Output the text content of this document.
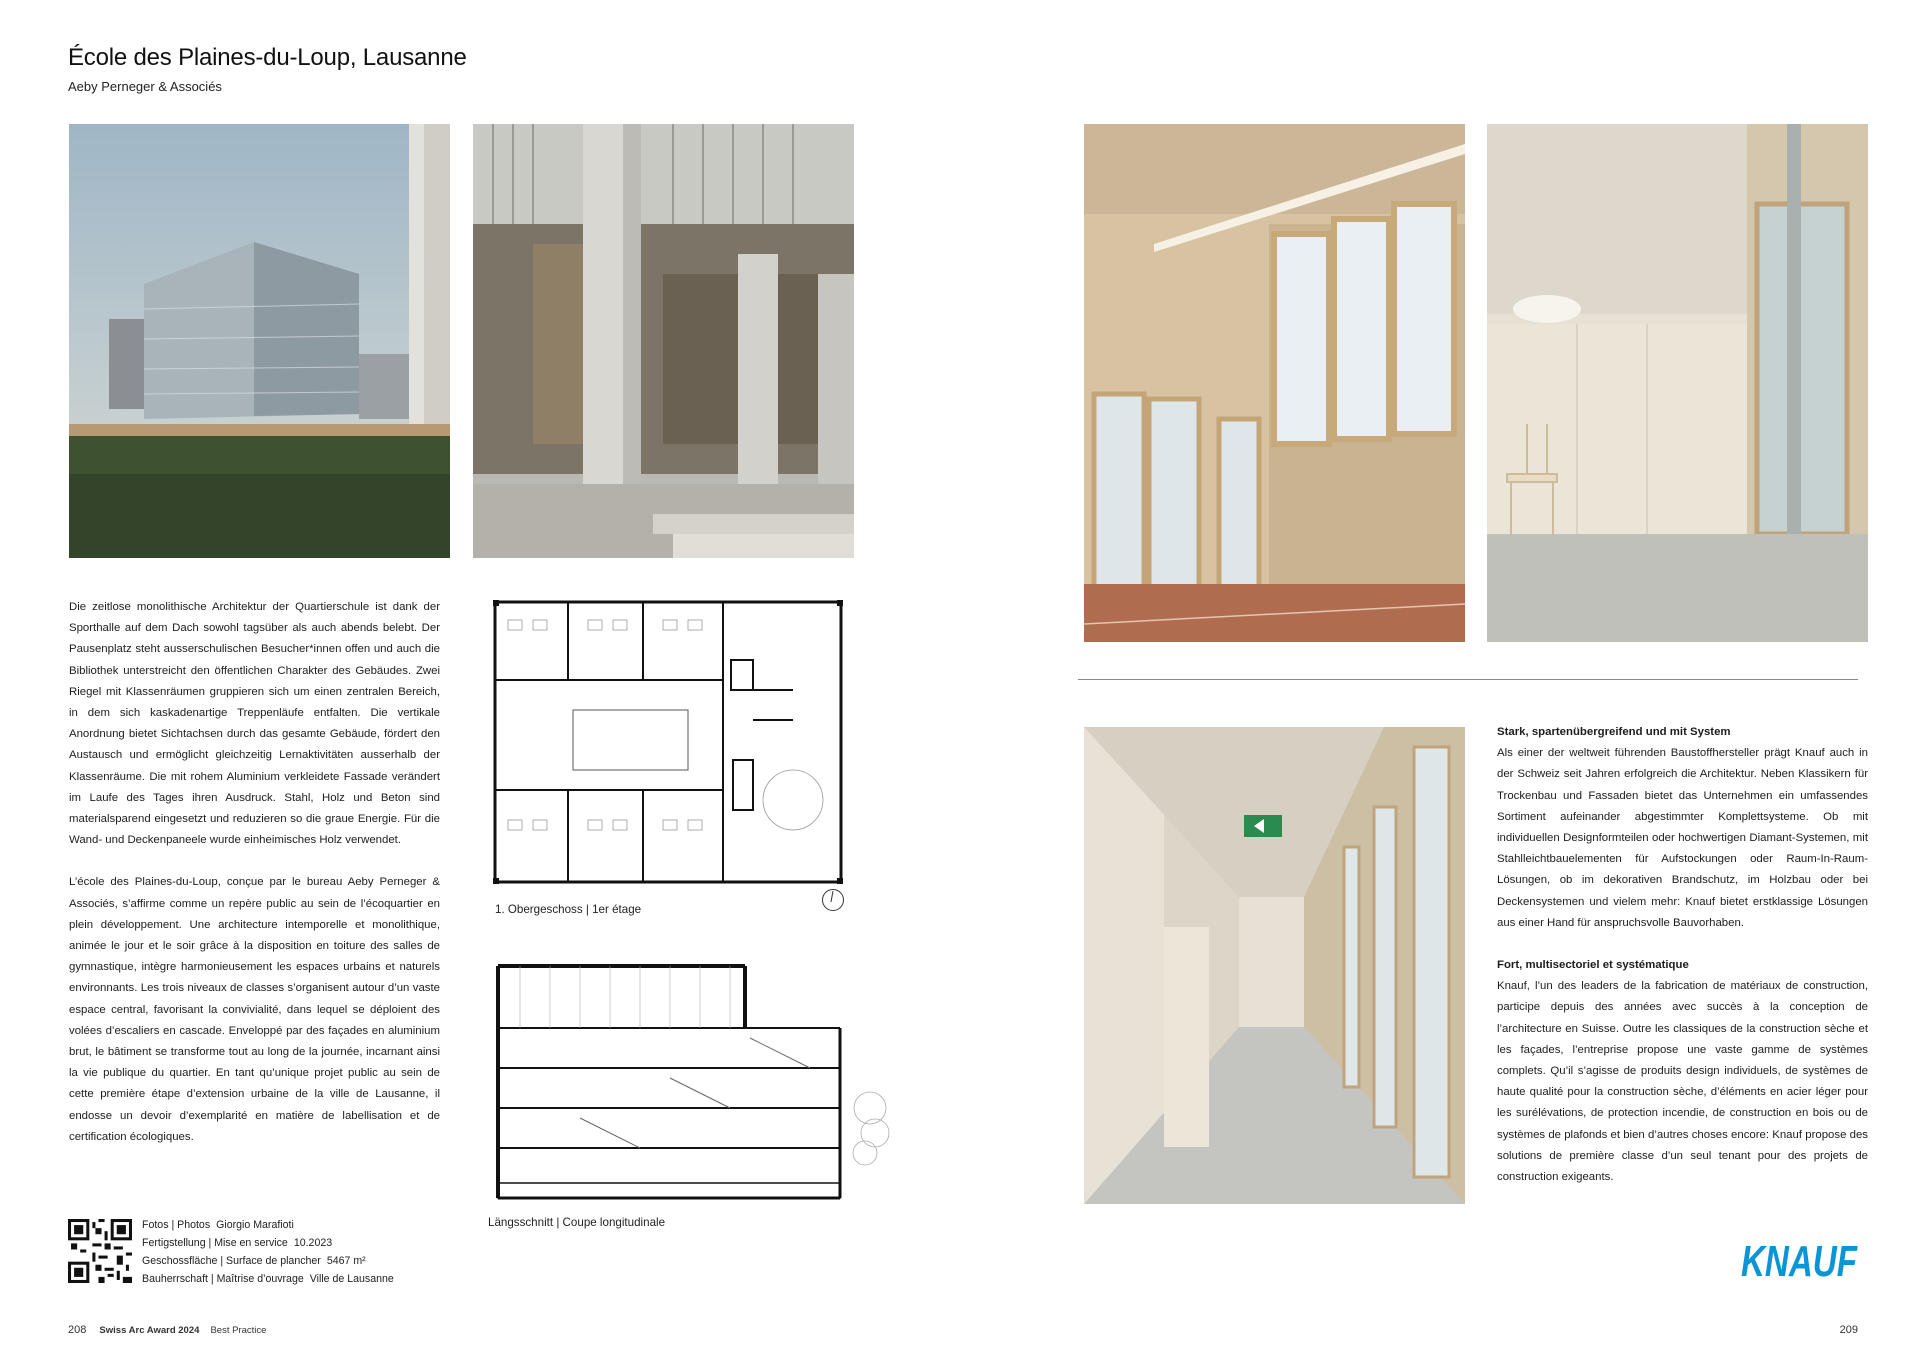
École des Plaines-du-Loup, Lausanne
Aeby Perneger & Associés

Die zeitlose monolithische Architektur der Quartierschule ist dank der Sporthalle auf dem Dach sowohl tagsüber als auch abends belebt. Der Pausenplatz steht ausserschulischen Besucher*innen offen und auch die Bibliothek unterstreicht den öffentlichen Charakter des Gebäudes. Zwei Riegel mit Klassenräumen gruppieren sich um einen zentralen Bereich, in dem sich kaskadenartige Treppenläufe entfalten. Die vertikale Anordnung bietet Sichtachsen durch das gesamte Gebäude, fördert den Austausch und ermöglicht gleichzeitig Lernaktivitäten ausserhalb der Klassenräume. Die mit rohem Aluminium verkleidete Fassade verändert im Laufe des Tages ihren Ausdruck. Stahl, Holz und Beton sind materialsparend eingesetzt und reduzieren so die graue Energie. Für die Wand- und Deckenpaneele wurde einheimisches Holz verwendet.

L’école des Plaines-du-Loup, conçue par le bureau Aeby Perneger & Associés, s’affirme comme un repère public au sein de l’écoquartier en plein développement. Une architecture intemporelle et monolithique, animée le jour et le soir grâce à la disposition en toiture des salles de gymnastique, intègre harmonieusement les espaces urbains et naturels environnants. Les trois niveaux de classes s’organisent autour d’un vaste espace central, favorisant la convivialité, dans lequel se déploient des volées d’escaliers en cascade. Enveloppé par des façades en aluminium brut, le bâtiment se transforme tout au long de la journée, incarnant ainsi la vie publique du quartier. En tant qu’unique projet public au sein de cette première étape d’extension urbaine de la ville de Lausanne, il endosse un devoir d’exemplarité en matière de labellisation et de certification écologiques.

1. Obergeschoss | 1er étage
Längsschnitt | Coupe longitudinale
Fotos | Photos Giorgio Marafioti
Fertigstellung | Mise en service 10.2023
Geschossfläche | Surface de plancher 5467 m²
Bauherrschaft | Maîtrise d’ouvrage Ville de Lausanne

Stark, spartenübergreifend und mit System
Als einer der weltweit führenden Baustoffhersteller prägt Knauf auch in der Schweiz seit Jahren erfolgreich die Architektur. Neben Klassikern für Trockenbau und Fassaden bietet das Unternehmen ein umfassendes Sortiment aufeinander abgestimmter Komplettsysteme. Ob mit individuellen Designformteilen oder hochwertigen Diamant-Systemen, mit Stahlleichtbauelementen für Aufstockungen oder Raum-In-Raum-Lösungen, ob im dekorativen Brandschutz, im Holzbau oder bei Deckensystemen und vielem mehr: Knauf bietet erstklassige Lösungen aus einer Hand für anspruchsvolle Bauvorhaben.

Fort, multisectoriel et systématique
Knauf, l’un des leaders de la fabrication de matériaux de construction, participe depuis des années avec succès à la conception de l’architecture en Suisse. Outre les classiques de la construction sèche et les façades, l’entreprise propose une vaste gamme de systèmes complets. Qu’il s’agisse de produits design individuels, de systèmes de haute qualité pour la construction sèche, d’éléments en acier léger pour les surélévations, de protection incendie, de construction en bois ou de systèmes de plafonds et bien d’autres choses encore: Knauf propose des solutions de première classe d’un seul tenant pour des projets de construction exigeants.

KNAUF
208 Swiss Arc Award 2024 Best Practice	209
